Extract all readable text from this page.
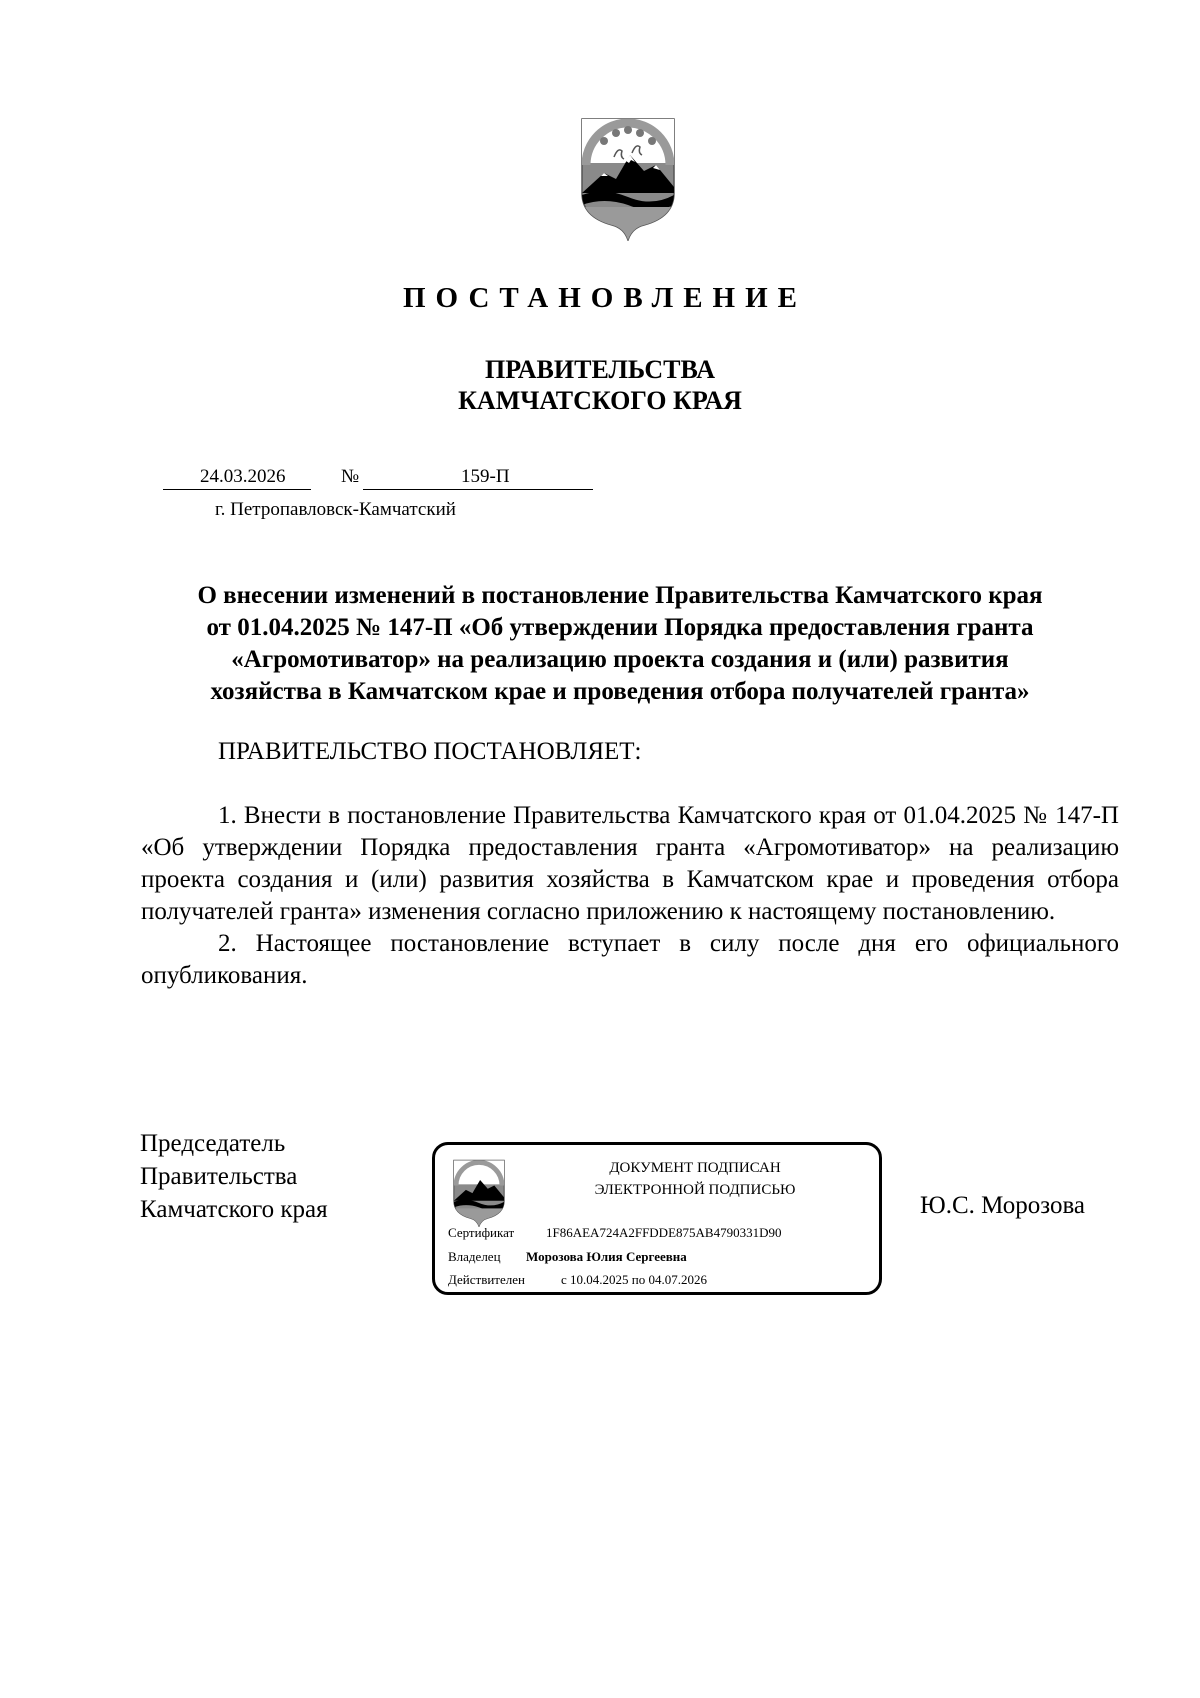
ПОСТАНОВЛЕНИЕ
ПРАВИТЕЛЬСТВА
КАМЧАТСКОГО КРАЯ
24.03.2026	№	159-П
г. Петропавловск-Камчатский
О внесении изменений в постановление Правительства Камчатского края
от 01.04.2025 № 147-П «Об утверждении Порядка предоставления гранта
«Агромотиватор» на реализацию проекта создания и (или) развития
хозяйства в Камчатском крае и проведения отбора получателей гранта»
ПРАВИТЕЛЬСТВО ПОСТАНОВЛЯЕТ:

1. Внести в постановление Правительства Камчатского края от 01.04.2025 № 147-П «Об утверждении Порядка предоставления гранта «Агромотиватор» на реализацию проекта создания и (или) развития хозяйства в Камчатском крае и проведения отбора получателей гранта» изменения согласно приложению к настоящему постановлению.

2. Настоящее постановление вступает в силу после дня его официального опубликования.

Председатель
Правительства
Камчатского края
ДОКУМЕНТ ПОДПИСАН
ЭЛЕКТРОННОЙ ПОДПИСЬЮ
Сертификат 1F86AEA724A2FFDDE875AB4790331D90
Владелец Морозова Юлия Сергеевна
Действителен	с 10.04.2025 по 04.07.2026
Ю.С. Морозова
